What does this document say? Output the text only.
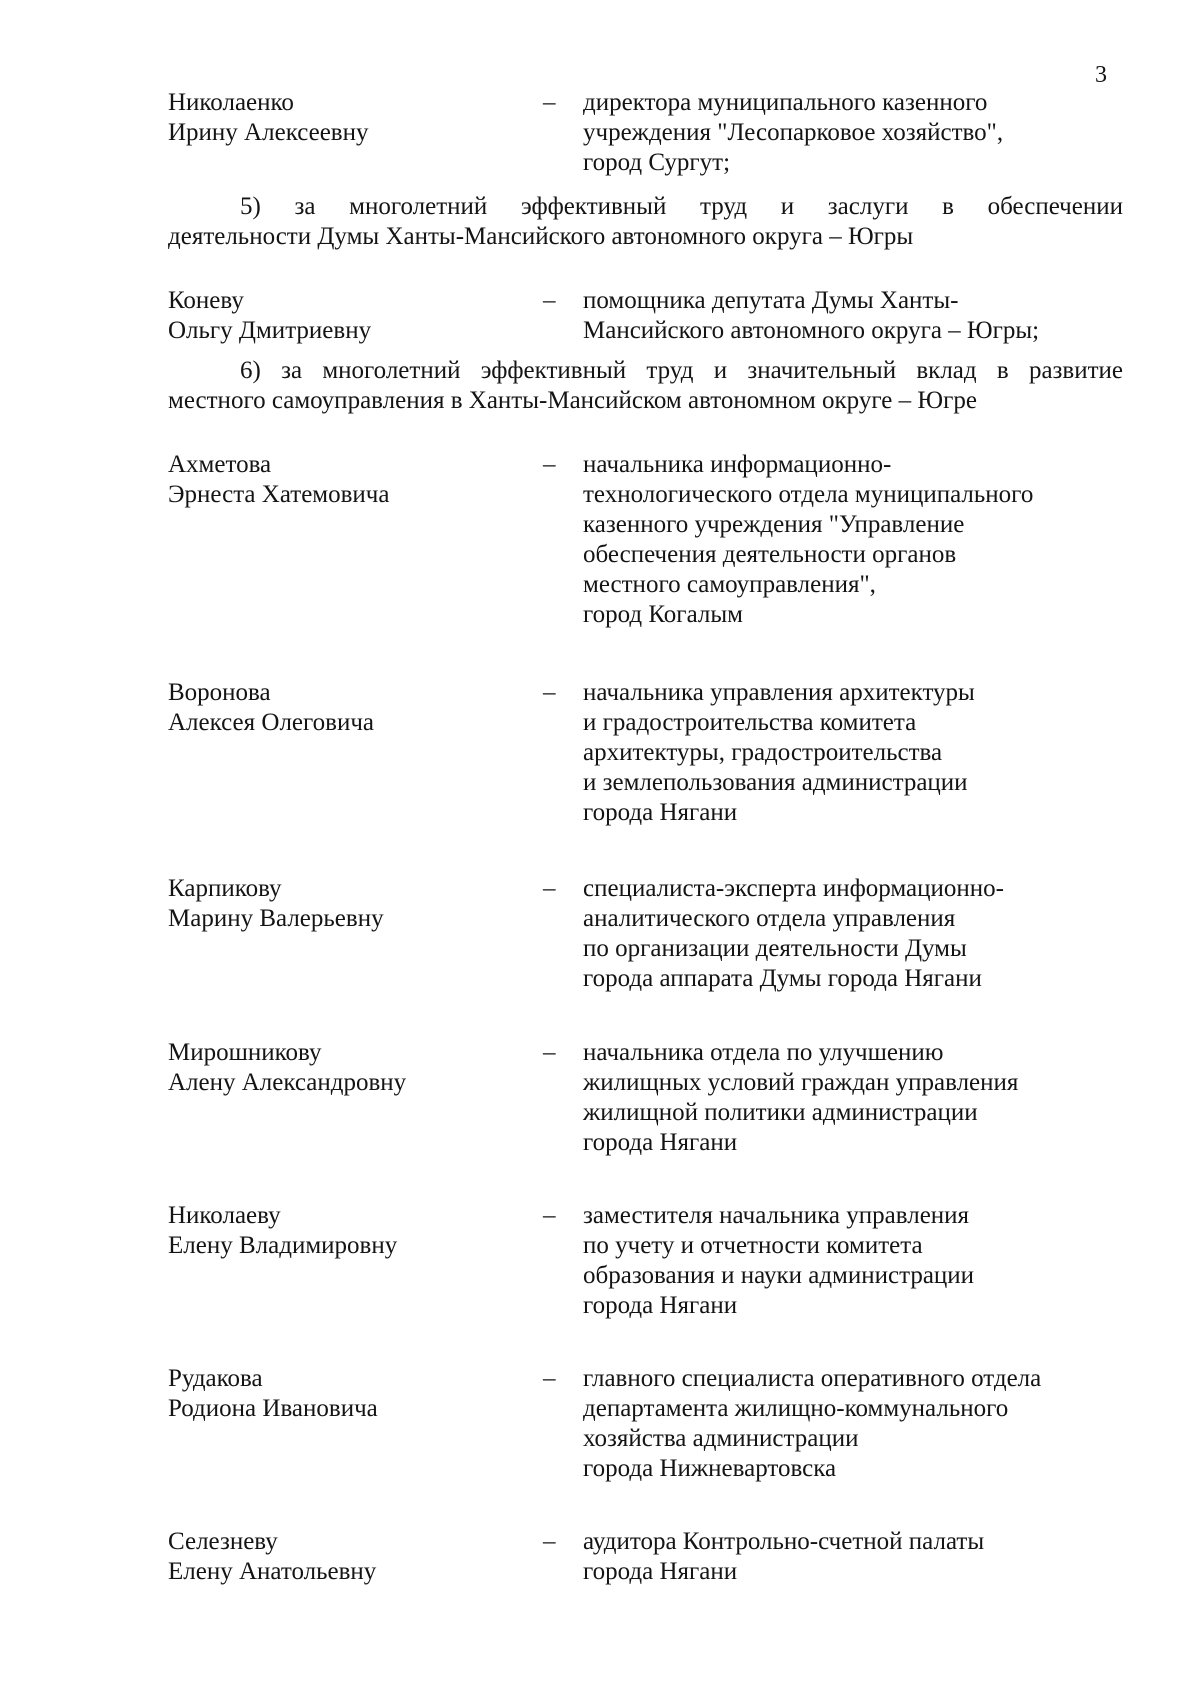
3
Николаенко
Ирину Алексеевну
– директора муниципального казенного
учреждения "Лесопарковое хозяйство",
город Сургут;
5) за многолетний эффективный труд и заслуги в обеспечении
деятельности Думы Ханты-Мансийского автономного округа – Югры
Коневу
Ольгу Дмитриевну
– помощника депутата Думы Ханты-
Мансийского автономного округа – Югры;
6) за многолетний эффективный труд и значительный вклад в развитие
местного самоуправления в Ханты-Мансийском автономном округе – Югре
Ахметова
Эрнеста Хатемовича
– начальника информационно-
технологического отдела муниципального
казенного учреждения "Управление
обеспечения деятельности органов
местного самоуправления",
город Когалым
Воронова
Алексея Олеговича
– начальника управления архитектуры
и градостроительства комитета
архитектуры, градостроительства
и землепользования администрации
города Нягани
Карпикову
Марину Валерьевну
– специалиста-эксперта информационно-
аналитического отдела управления
по организации деятельности Думы
города аппарата Думы города Нягани
Мирошникову
Алену Александровну
– начальника отдела по улучшению
жилищных условий граждан управления
жилищной политики администрации
города Нягани
Николаеву
Елену Владимировну
– заместителя начальника управления
по учету и отчетности комитета
образования и науки администрации
города Нягани
Рудакова
Родиона Ивановича
– главного специалиста оперативного отдела
департамента жилищно-коммунального
хозяйства администрации
города Нижневартовска
Селезневу
Елену Анатольевну
– аудитора Контрольно-счетной палаты
города Нягани
